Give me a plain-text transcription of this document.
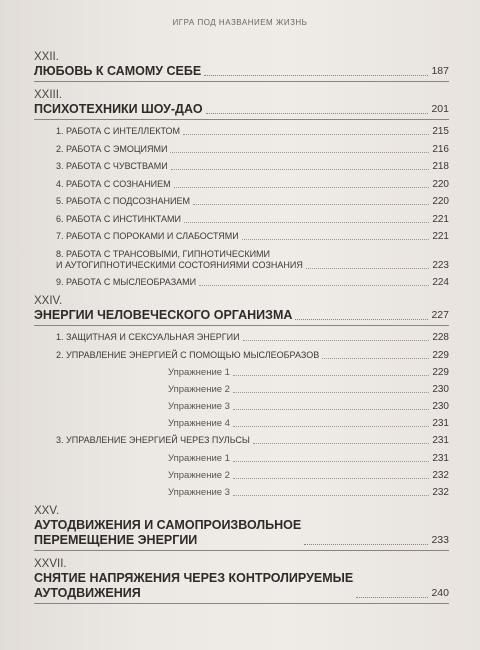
ИГРА ПОД НАЗВАНИЕМ ЖИЗНЬ
XXII.
ЛЮБОВЬ К САМОМУ СЕБЕ	187
XXIII.
ПСИХОТЕХНИКИ ШОУ-ДАО	201
1. РАБОТА С ИНТЕЛЛЕКТОМ	215
2. РАБОТА С ЭМОЦИЯМИ	216
3. РАБОТА С ЧУВСТВАМИ	218
4. РАБОТА С СОЗНАНИЕМ	220
5. РАБОТА С ПОДСОЗНАНИЕМ	220
6. РАБОТА С ИНСТИНКТАМИ	221
7. РАБОТА С ПОРОКАМИ И СЛАБОСТЯМИ	221
8. РАБОТА С ТРАНСОВЫМИ, ГИПНОТИЧЕСКИМИ
И АУТОГИПНОТИЧЕСКИМИ СОСТОЯНИЯМИ СОЗНАНИЯ	223
9. РАБОТА С МЫСЛЕОБРАЗАМИ	224
XXIV.
ЭНЕРГИИ ЧЕЛОВЕЧЕСКОГО ОРГАНИЗМА	227
1. ЗАЩИТНАЯ И СЕКСУАЛЬНАЯ ЭНЕРГИИ	228
2. УПРАВЛЕНИЕ ЭНЕРГИЕЙ С ПОМОЩЬЮ МЫСЛЕОБРАЗОВ	229
Упражнение 1	229
Упражнение 2	230
Упражнение 3	230
Упражнение 4	231
3. УПРАВЛЕНИЕ ЭНЕРГИЕЙ ЧЕРЕЗ ПУЛЬСЫ	231
Упражнение 1	231
Упражнение 2	232
Упражнение 3	232
XXV.
АУТОДВИЖЕНИЯ И САМОПРОИЗВОЛЬНОЕ
ПЕРЕМЕЩЕНИЕ ЭНЕРГИИ	233
XXVII.
СНЯТИЕ НАПРЯЖЕНИЯ ЧЕРЕЗ КОНТРОЛИРУЕМЫЕ
АУТОДВИЖЕНИЯ	240
